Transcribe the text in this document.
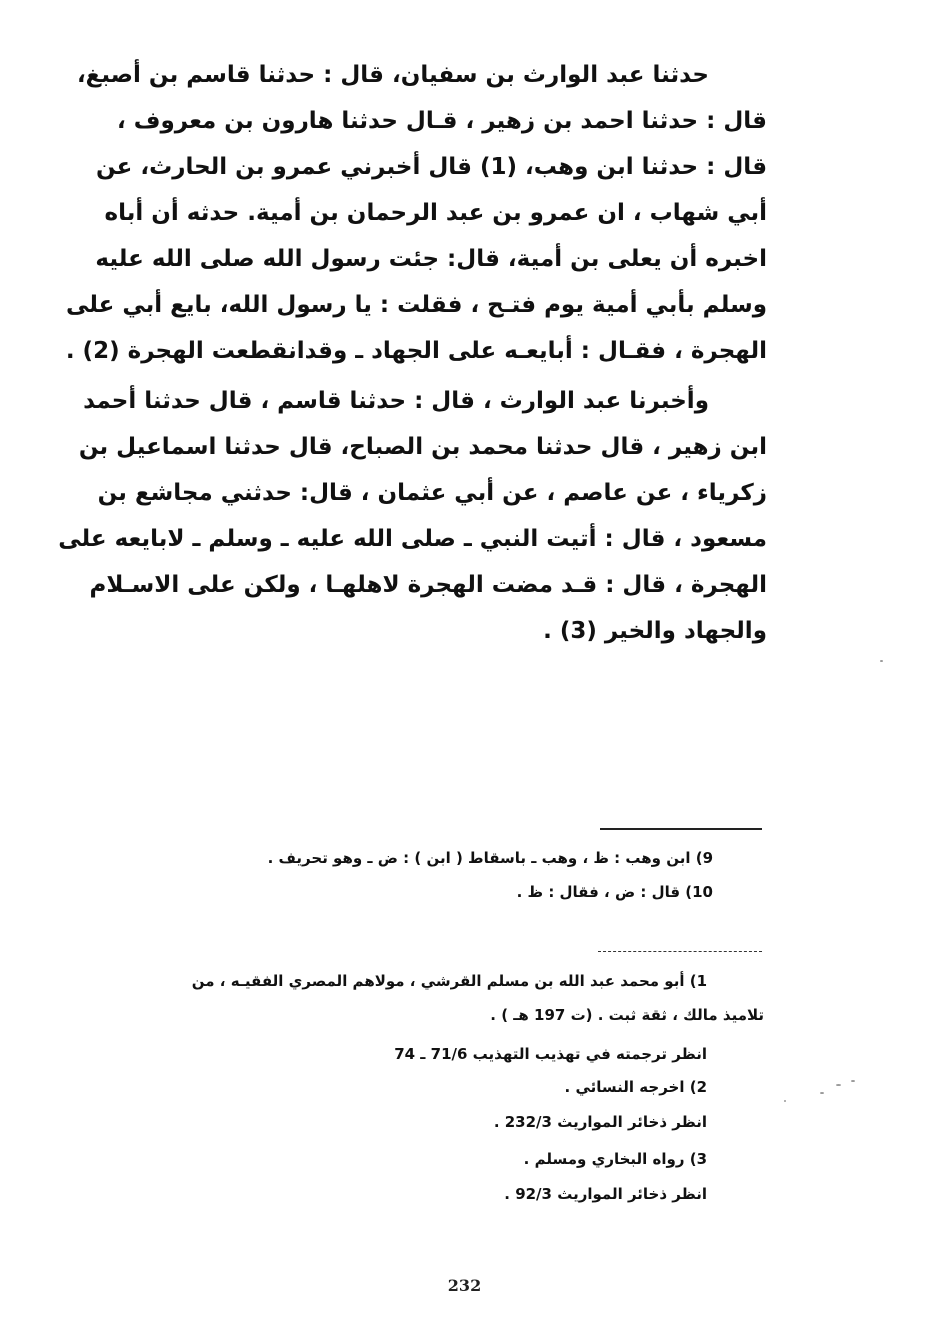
حدثنا عبد الوارث بن سفيان، قال : حدثنا قاسم بن أصبغ،
قال : حدثنا احمد بن زهير ، قـال حدثنا هارون بن معروف ،
قال : حدثنا ابن وهب، (1) قال أخبرني عمرو بن الحارث، عن
أبي شهاب ، ان عمرو بن عبد الرحمان بن أمية. حدثه أن أباه
اخبره أن يعلى بن أمية، قال: جئت رسول الله صلى الله عليه
وسلم بأبي أمية يوم فتـح ، فقلت : يا رسول الله، بايع أبي على
الهجرة ، فقـال : أبايعـه على الجهاد ـ وقدانقطعت الهجرة (2) .
وأخبرنا عبد الوارث ، قال : حدثنا قاسم ، قال حدثنا أحمد
ابن زهير ، قال حدثنا محمد بن الصباح، قال حدثنا اسماعيل بن
زكرياء ، عن عاصم ، عن أبي عثمان ، قال: حدثني مجاشع بن
مسعود ، قال : أتيت النبي ـ صلى الله عليه ـ وسلم ـ لابايعه على
الهجرة ، قال : قـد مضت الهجرة لاهلهـا ، ولكن على الاسـلام
والجهاد والخير (3) .

9) ابن وهب : ظ ، وهب ـ باسقاط ( ابن ) : ض ـ وهو تحريف .

10) قال : ض ، فقال : ظ .

1) أبو محمد عبد الله بن مسلم القرشي ، مولاهم المصري الفقيـه ، من

تلاميذ مالك ، ثقة ثبت . (ت 197 هـ ) .

انظر ترجمته في تهذيب التهذيب 71/6 ـ 74

2) اخرجه النسائي .

انظر ذخائر المواريث 232/3 .

3) رواه البخاري ومسلم .

انظر ذخائر المواريث 92/3 .

232
